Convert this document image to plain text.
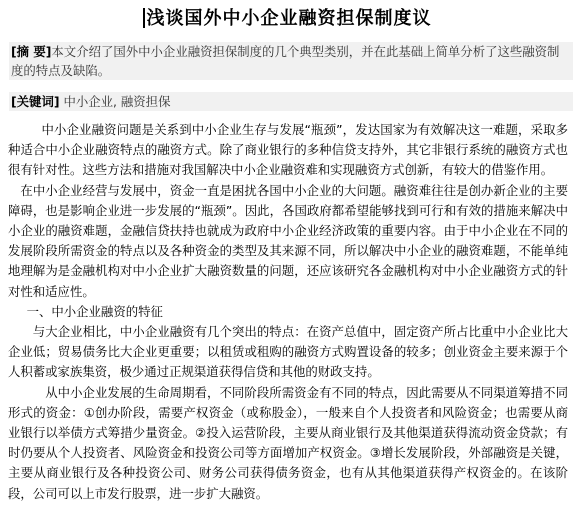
浅谈国外中小企业融资担保制度议
[摘 要]本文介绍了国外中小企业融资担保制度的几个典型类别，并在此基础上简单分析了这些融资制度的特点及缺陷。
[关键词] 中小企业, 融资担保

中小企业融资问题是关系到中小企业生存与发展“瓶颈”，发达国家为有效解决这一难题，采取多种适合中小企业融资特点的融资方式。除了商业银行的多种信贷支持外，其它非银行系统的融资方式也很有针对性。这些方法和措施对我国解决中小企业融资难和实现融资方式创新，有较大的借鉴作用。

在中小企业经营与发展中，资金一直是困扰各国中小企业的大问题。融资难往往是创办新企业的主要障碍，也是影响企业进一步发展的“瓶颈”。因此，各国政府都希望能够找到可行和有效的措施来解决中小企业的融资难题，金融信贷扶持也就成为政府中小企业经济政策的重要内容。由于中小企业在不同的发展阶段所需资金的特点以及各种资金的类型及其来源不同，所以解决中小企业的融资难题，不能单纯地理解为是金融机构对中小企业扩大融资数量的问题，还应该研究各金融机构对中小企业融资方式的针对性和适应性。

一、中小企业融资的特征

与大企业相比，中小企业融资有几个突出的特点：在资产总值中，固定资产所占比重中小企业比大企业低；贸易债务比大企业更重要；以租赁或租购的融资方式购置设备的较多；创业资金主要来源于个人积蓄或家族集资，极少通过正规渠道获得信贷和其他的财政支持。

从中小企业发展的生命周期看，不同阶段所需资金有不同的特点，因此需要从不同渠道筹措不同形式的资金：①创办阶段，需要产权资金（或称股金），一般来自个人投资者和风险资金；也需要从商业银行以举债方式筹措少量资金。②投入运营阶段，主要从商业银行及其他渠道获得流动资金贷款；有时仍要从个人投资者、风险资金和投资公司等方面增加产权资金。③增长发展阶段，外部融资是关键，主要从商业银行及各种投资公司、财务公司获得债务资金，也有从其他渠道获得产权资金的。在该阶段，公司可以上市发行股票，进一步扩大融资。
